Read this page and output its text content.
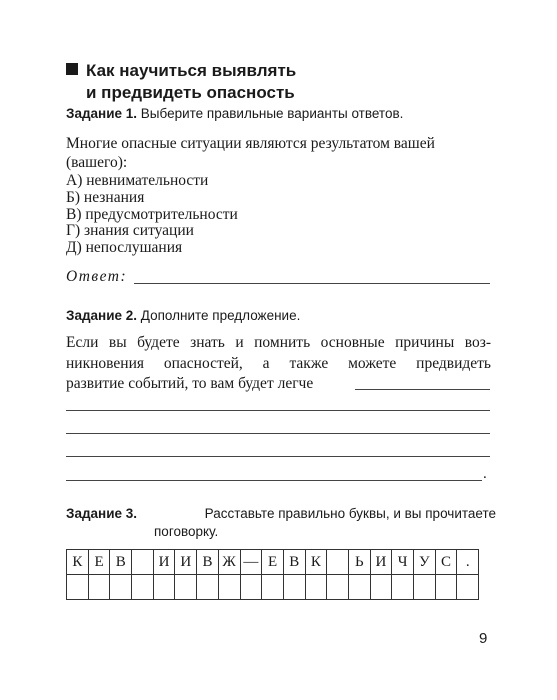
Как научиться выявлять
и предвидеть опасность
Задание 1. Выберите правильные варианты ответов.
Многие опасные ситуации являются результатом вашей
(вашего):
А) невнимательности
Б) незнания
В) предусмотрительности
Г) знания ситуации
Д) непослушания
Ответ:
Задание 2. Дополните предложение.
Если вы будете знать и помнить основные причины воз-
никновения опасностей, а также можете предвидеть
развитие событий, то вам будет легче
.
Задание 3.	Расставьте правильно буквы, и вы прочитаете
поговорку.
К	Е	В		И	И	В	Ж	—	Е	В	К		Ь	И	Ч	У	С	.

9
